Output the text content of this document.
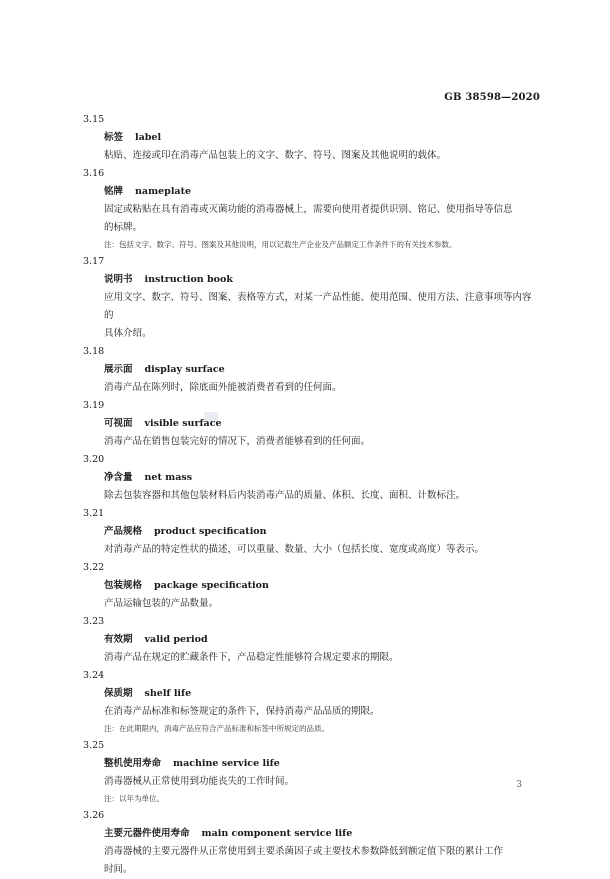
GB 38598—2020
3.15
标签 label
粘贴、连接或印在消毒产品包装上的文字、数字、符号、图案及其他说明的载体。
3.16
铭牌 nameplate
固定或粘贴在具有消毒或灭菌功能的消毒器械上，需要向使用者提供识别、铭记、使用指导等信息
的标牌。
注：包括文字、数字、符号、图案及其他说明，用以记载生产企业及产品额定工作条件下的有关技术参数。
3.17
说明书 instruction book
应用文字、数字、符号、图案、表格等方式，对某一产品性能、使用范围、使用方法、注意事项等内容的
具体介绍。
3.18
展示面 display surface
消毒产品在陈列时，除底面外能被消费者看到的任何面。
3.19
可视面 visible surface
消毒产品在销售包装完好的情况下，消费者能够看到的任何面。
3.20
净含量 net mass
除去包装容器和其他包装材料后内装消毒产品的质量、体积、长度、面积、计数标注。
3.21
产品规格 product specification
对消毒产品的特定性状的描述，可以重量、数量、大小（包括长度、宽度或高度）等表示。
3.22
包装规格 package specification
产品运输包装的产品数量。
3.23
有效期 valid period
消毒产品在规定的贮藏条件下，产品稳定性能够符合规定要求的期限。
3.24
保质期 shelf life
在消毒产品标准和标签规定的条件下，保持消毒产品品质的期限。
注：在此期限内，消毒产品应符合产品标准和标签中所规定的品质。
3.25
整机使用寿命 machine service life
消毒器械从正常使用到功能丧失的工作时间。
注：以年为单位。
3.26
主要元器件使用寿命 main component service life
消毒器械的主要元器件从正常使用到主要杀菌因子或主要技术参数降低到额定值下限的累计工作
时间。
3
